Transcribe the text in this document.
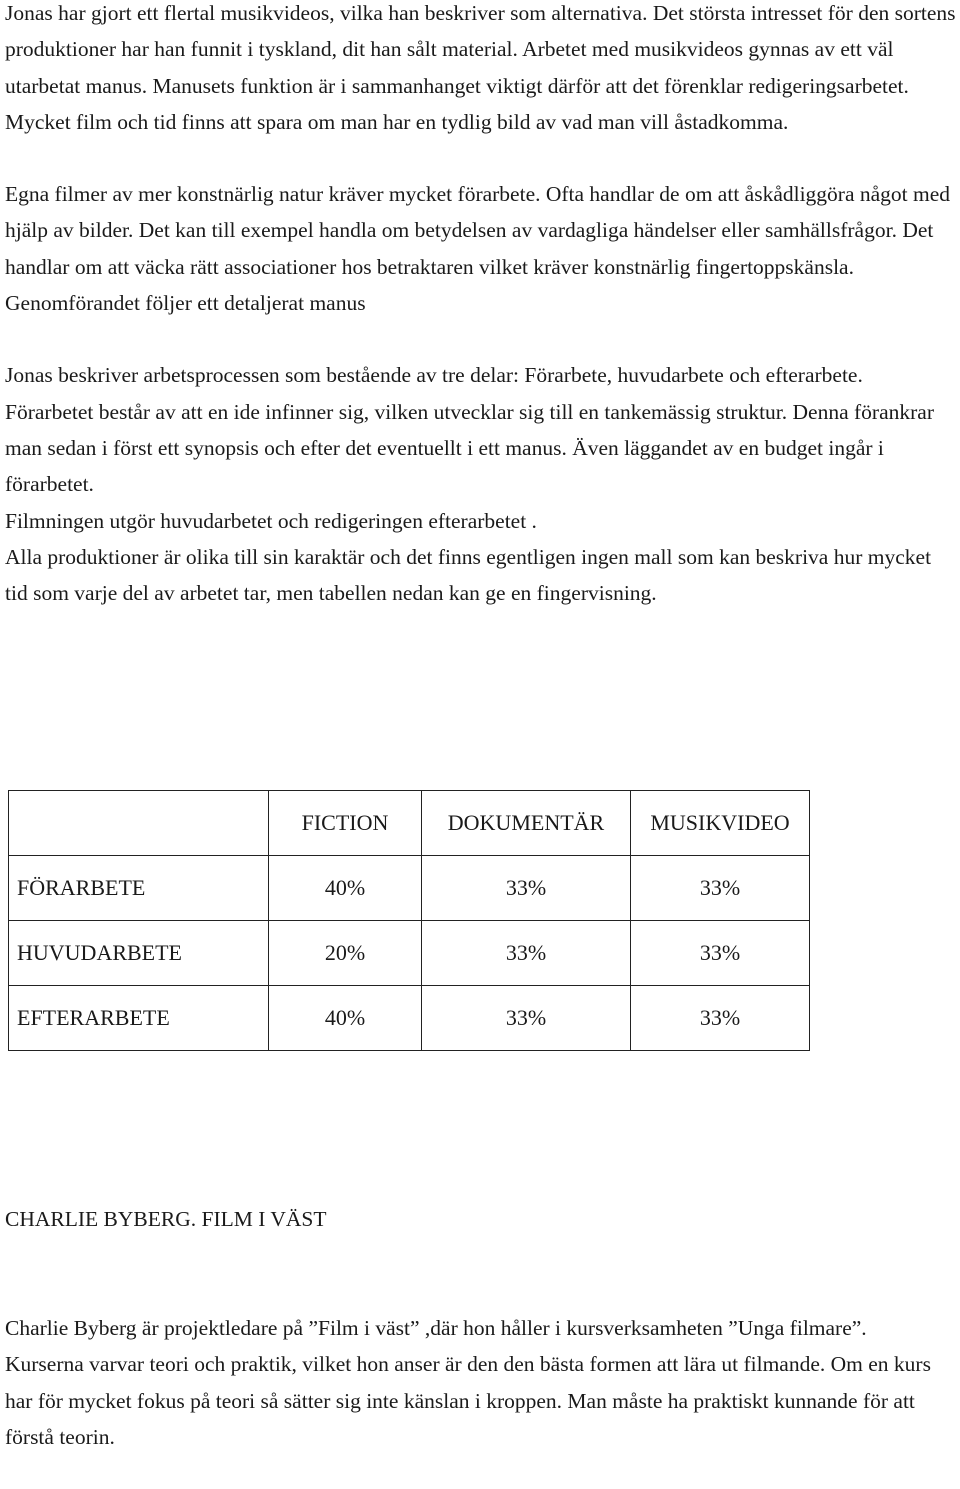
Jonas har gjort ett flertal musikvideos, vilka han beskriver som alternativa. Det största intresset för den sortens produktioner har han funnit i tyskland, dit han sålt material. Arbetet med musikvideos gynnas av ett väl utarbetat manus. Manusets funktion är i sammanhanget viktigt därför att det förenklar redigeringsarbetet. Mycket film och tid finns att spara om man har en tydlig bild av vad man vill åstadkomma.

Egna filmer av mer konstnärlig natur kräver mycket förarbete. Ofta handlar de om att åskådliggöra något med hjälp av bilder. Det kan till exempel handla om betydelsen av vardagliga händelser eller samhällsfrågor. Det handlar om att väcka rätt associationer hos betraktaren vilket kräver konstnärlig fingertoppskänsla. Genomförandet följer ett detaljerat manus

Jonas beskriver arbetsprocessen som bestående av tre delar: Förarbete, huvudarbete och efterarbete.

Förarbetet består av att en ide infinner sig, vilken utvecklar sig till en tankemässig struktur. Denna förankrar man sedan i först ett synopsis och efter det eventuellt i ett manus. Även läggandet av en budget ingår i förarbetet.

Filmningen utgör huvudarbetet och redigeringen efterarbetet .

Alla produktioner är olika till sin karaktär och det finns egentligen ingen mall som kan beskriva hur mycket tid som varje del av arbetet tar, men tabellen nedan kan ge en fingervisning.

	FICTION	DOKUMENTÄR	MUSIKVIDEO
FÖRARBETE	40%	33%	33%
HUVUDARBETE	20%	33%	33%
EFTERARBETE	40%	33%	33%

CHARLIE BYBERG. FILM I VÄST

Charlie Byberg är projektledare på ”Film i väst” ,där hon håller i kursverksamheten ”Unga filmare”.

Kurserna varvar teori och praktik, vilket hon anser är den den bästa formen att lära ut filmande. Om en kurs har för mycket fokus på teori så sätter sig inte känslan i kroppen. Man måste ha praktiskt kunnande för att förstå teorin.
